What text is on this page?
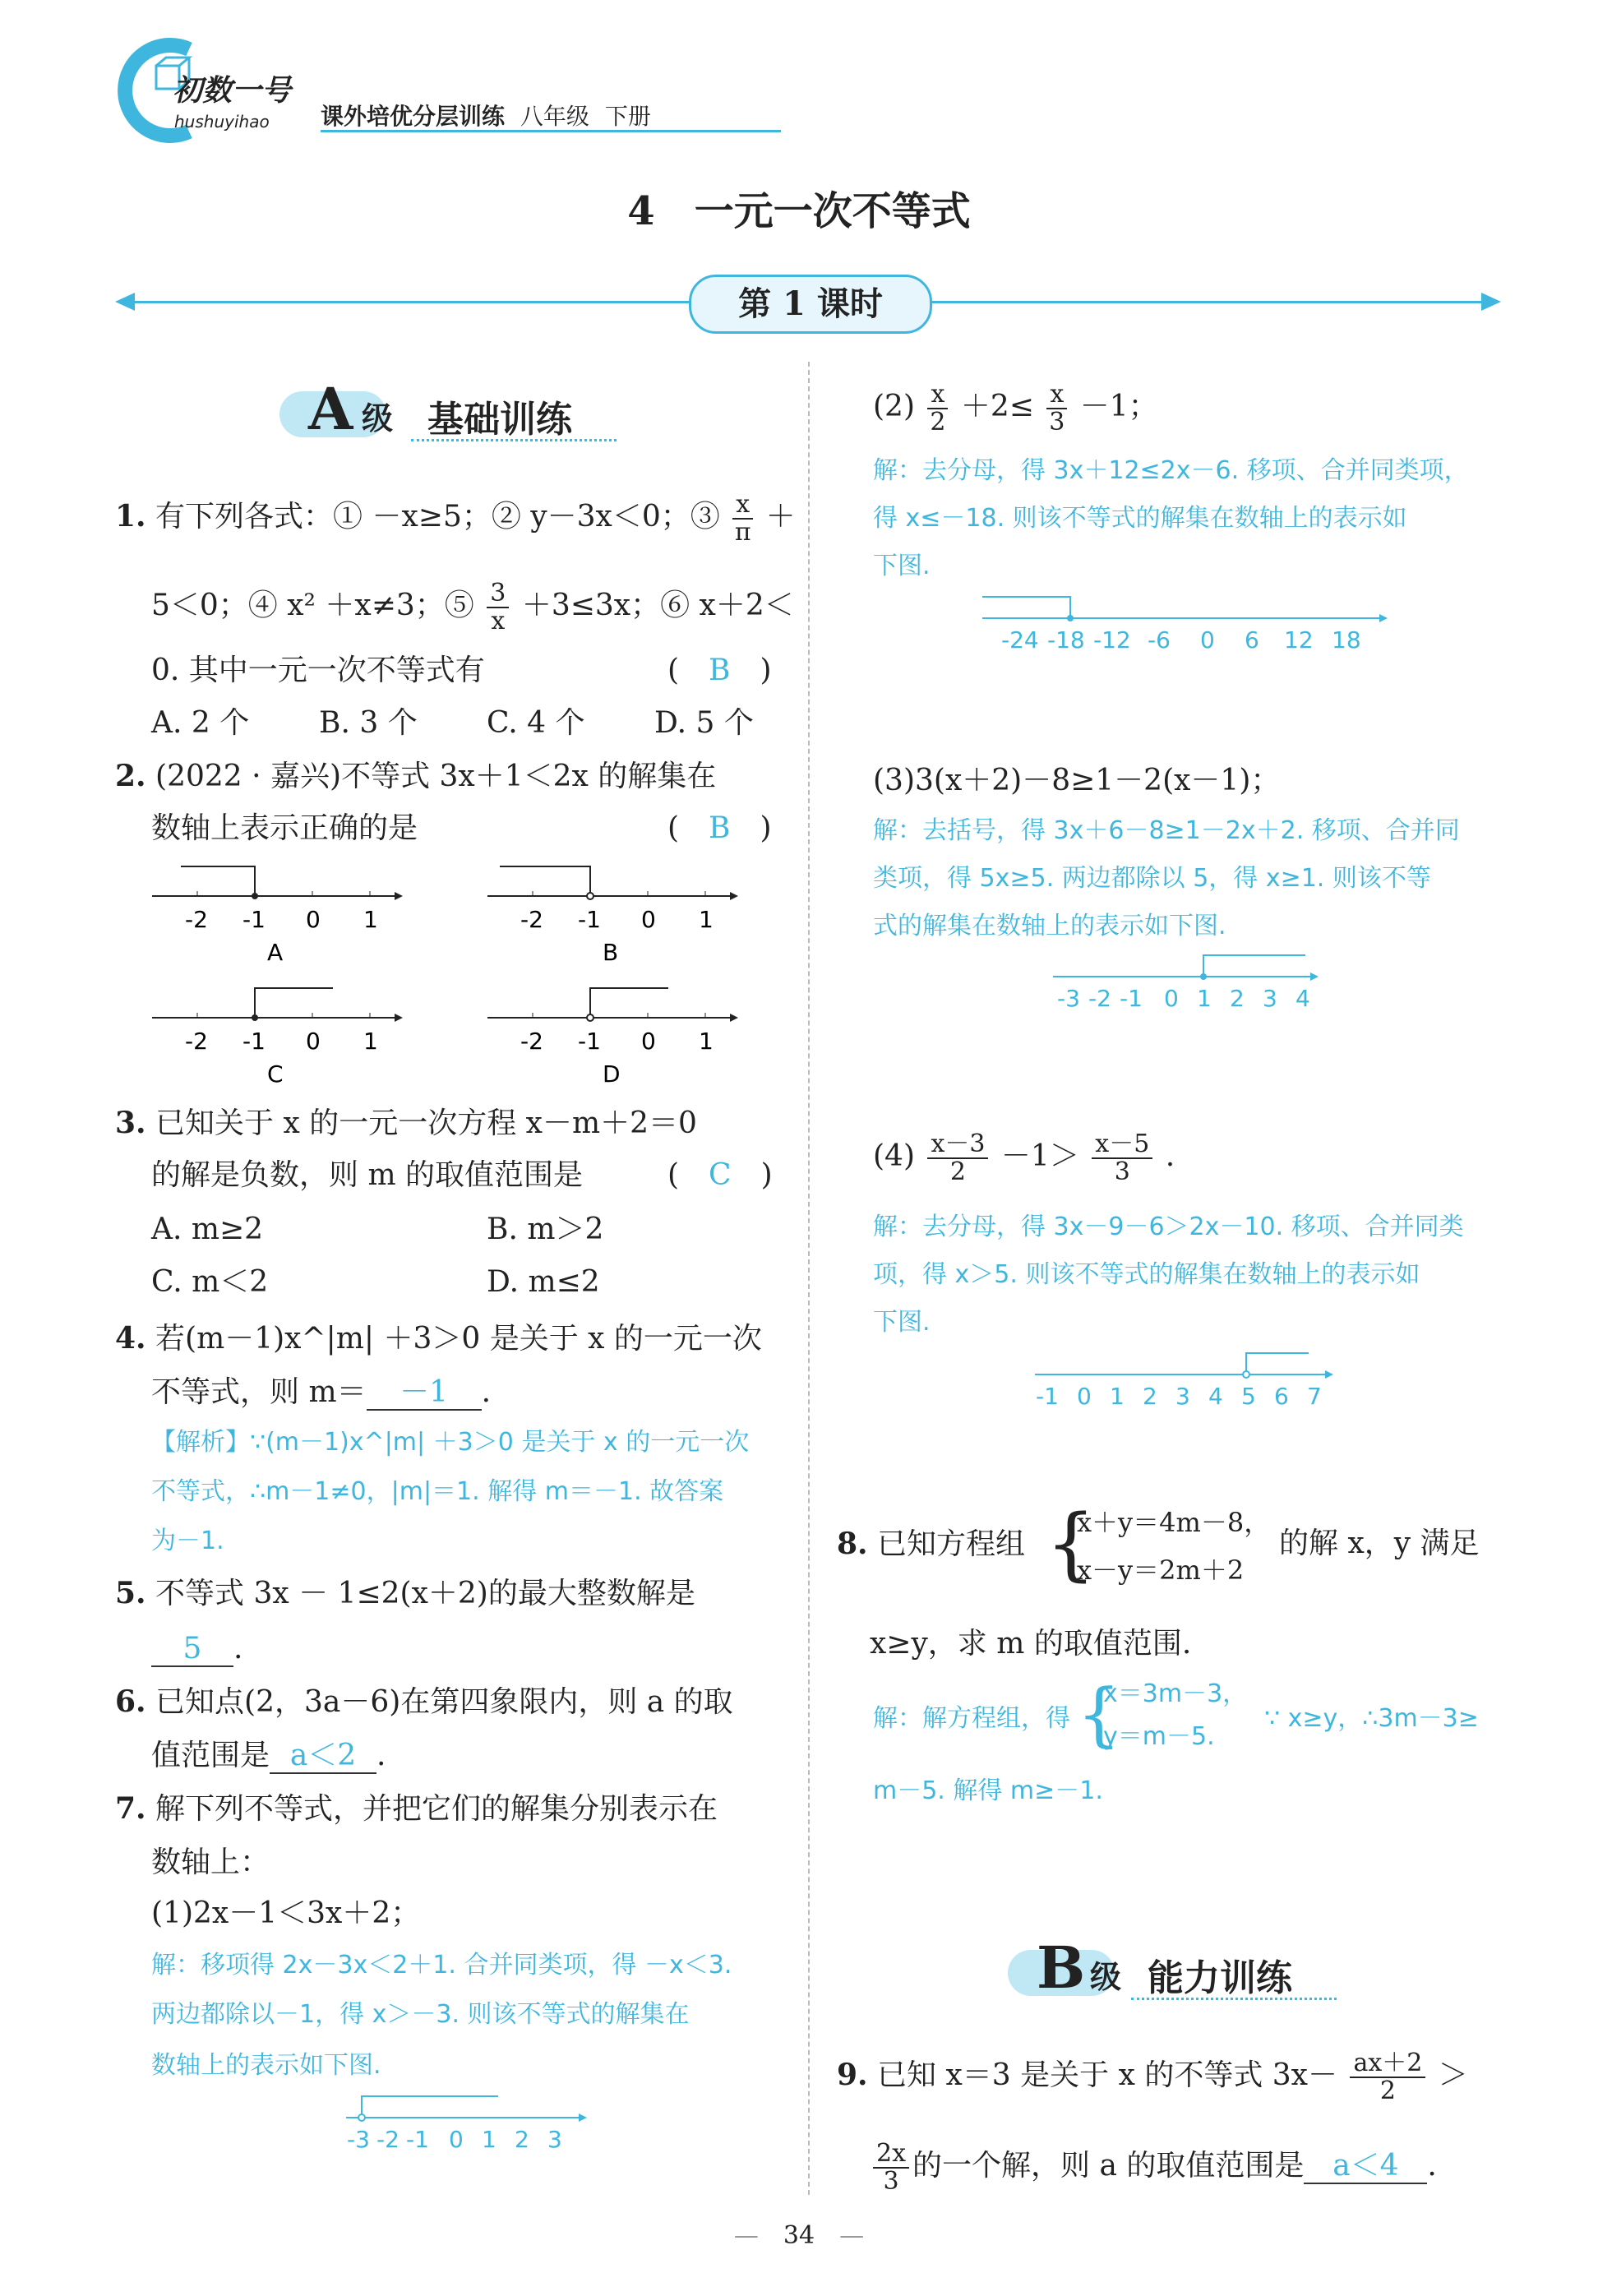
初数一号
hushuyihao 课外培优分层训练 八年级 下册
4　一元一次不等式
第 1 课时
A 级 基础训练
1. 有下列各式：① －x≥5；② y－3x＜0；③ $\frac{x}{\pi}$ ＋
5＜0；④ x² ＋x≠3；⑤ $\frac{3}{x} +3\le 3x$；⑥ x＋2＜
0. 其中一元一次不等式有	(　B　)
A. 2 个 B. 3 个 C. 4 个 D. 5 个
2. (2022 · 嘉兴)不等式 3x＋1＜2x 的解集在
数轴上表示正确的是	(　B　)
-2 -1 0 1
A
-2 -1 0 1
B
-2 -1 0 1
C
-2 -1 0 1
D
3. 已知关于 x 的一元一次方程 x－m＋2＝0
的解是负数，则 m 的取值范围是	(　C　)
A. m≥2	B. m＞2
C. m＜2	D. m≤2
4. 若(m－1)x^|m| ＋3＞0 是关于 x 的一元一次
不等式，则 m＝ －1 .
【解析】∵(m－1)x^|m| ＋3＞0 是关于 x 的一元一次
不等式，∴m－1≠0，|m|＝1. 解得 m＝－1. 故答案
为－1.
5. 不等式 3x － 1≤2(x＋2)的最大整数解是
5 .
6. 已知点(2，3a－6)在第四象限内，则 a 的取
值范围是 a＜2 .
7. 解下列不等式，并把它们的解集分别表示在
数轴上：
(1)2x－1＜3x＋2；
解：移项得 2x－3x＜2＋1. 合并同类项，得 －x＜3.
两边都除以－1，得 x＞－3. 则该不等式的解集在
数轴上的表示如下图.
-3 -2 -1 0 1 2 3
$(2) \frac{x}{2} +2\le \frac{x}{3} -1$；
解：去分母，得 3x＋12≤2x－6. 移项、合并同类项，
得 x≤－18. 则该不等式的解集在数轴上的表示如
下图.
-24 -18 -12 -6 0 6 12 18
(3)3(x＋2)－8≥1－2(x－1)；
解：去括号，得 3x＋6－8≥1－2x＋2. 移项、合并同
类项，得 5x≥5. 两边都除以 5，得 x≥1. 则该不等
式的解集在数轴上的表示如下图.
-3 -2 -1 0 1 2 3 4
$(4) \frac{x-3}{2} -1> \frac{x-5}{3}$ .
解：去分母，得 3x－9－6＞2x－10. 移项、合并同类
项，得 x＞5. 则该不等式的解集在数轴上的表示如
下图.
-1 0 1 2 3 4 5 6 7
8. 已知方程组 {
x＋y＝4m－8，
x－y＝2m＋2
的解 x，y 满足
x≥y，求 m 的取值范围.
解：解方程组，得 {
x＝3m－3，
y＝m－5.
∵ x≥y，∴3m－3≥
m－5. 解得 m≥－1.
B 级 能力训练
9. 已知 x＝3 是关于 x 的不等式 $3x- \frac{ax+2}{2}$ ＞
$\frac{2x}{3}$ 的一个解，则 a 的取值范围是 a＜4 .
—　34　—
